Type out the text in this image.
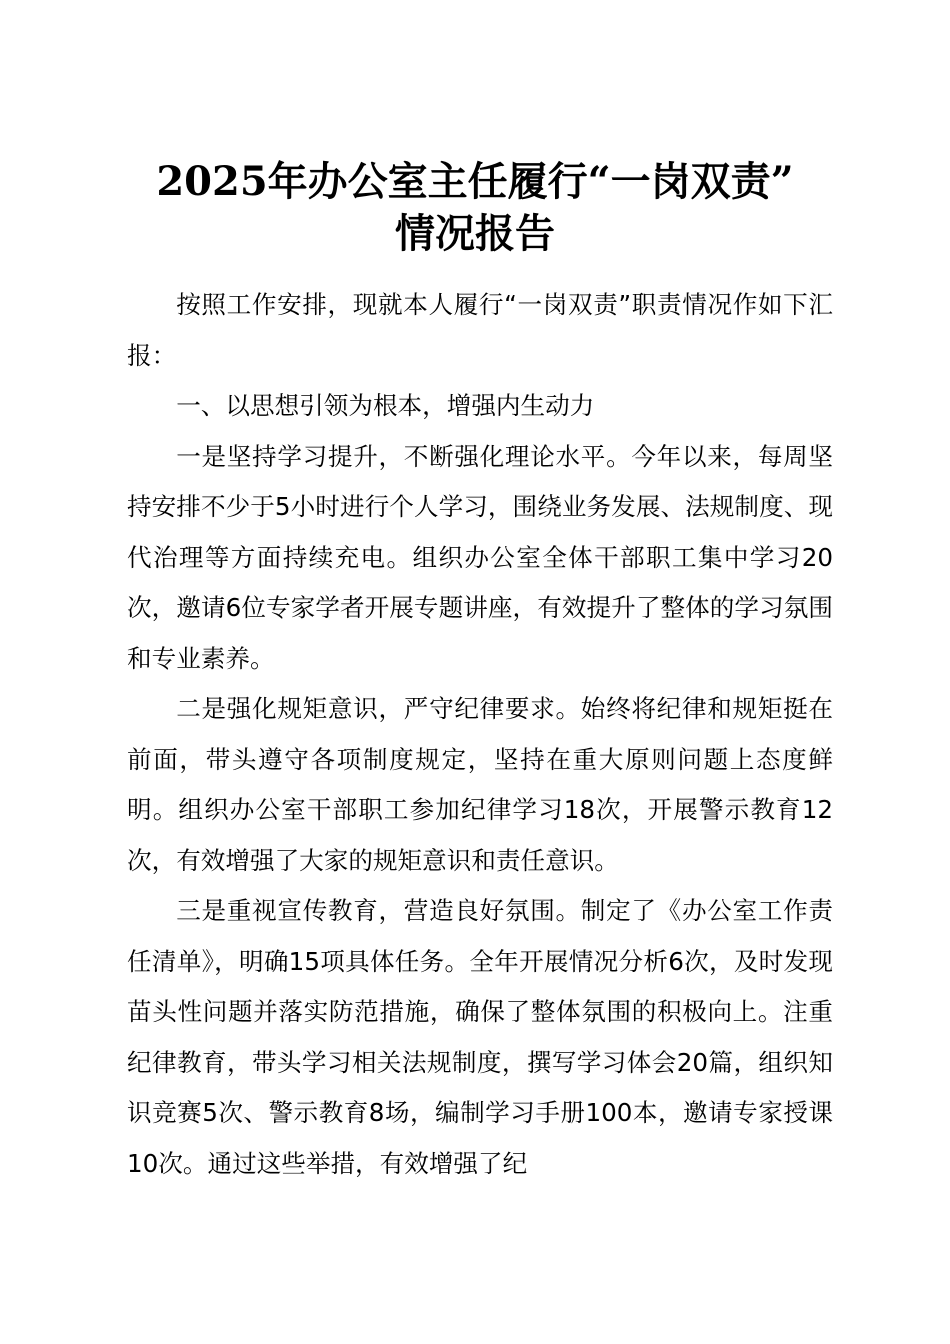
2025年办公室主任履行“一岗双责”
情况报告

按照工作安排，现就本人履行“一岗双责”职责情况作如下汇报：

一、以思想引领为根本，增强内生动力

一是坚持学习提升，不断强化理论水平。今年以来，每周坚持安排不少于5小时进行个人学习，围绕业务发展、法规制度、现代治理等方面持续充电。组织办公室全体干部职工集中学习20次，邀请6位专家学者开展专题讲座，有效提升了整体的学习氛围和专业素养。

二是强化规矩意识，严守纪律要求。始终将纪律和规矩挺在前面，带头遵守各项制度规定，坚持在重大原则问题上态度鲜明。组织办公室干部职工参加纪律学习18次，开展警示教育12次，有效增强了大家的规矩意识和责任意识。

三是重视宣传教育，营造良好氛围。制定了《办公室工作责任清单》，明确15项具体任务。全年开展情况分析6次，及时发现苗头性问题并落实防范措施，确保了整体氛围的积极向上。注重纪律教育，带头学习相关法规制度，撰写学习体会20篇，组织知识竞赛5次、警示教育8场，编制学习手册100本，邀请专家授课10次。通过这些举措，有效增强了纪
